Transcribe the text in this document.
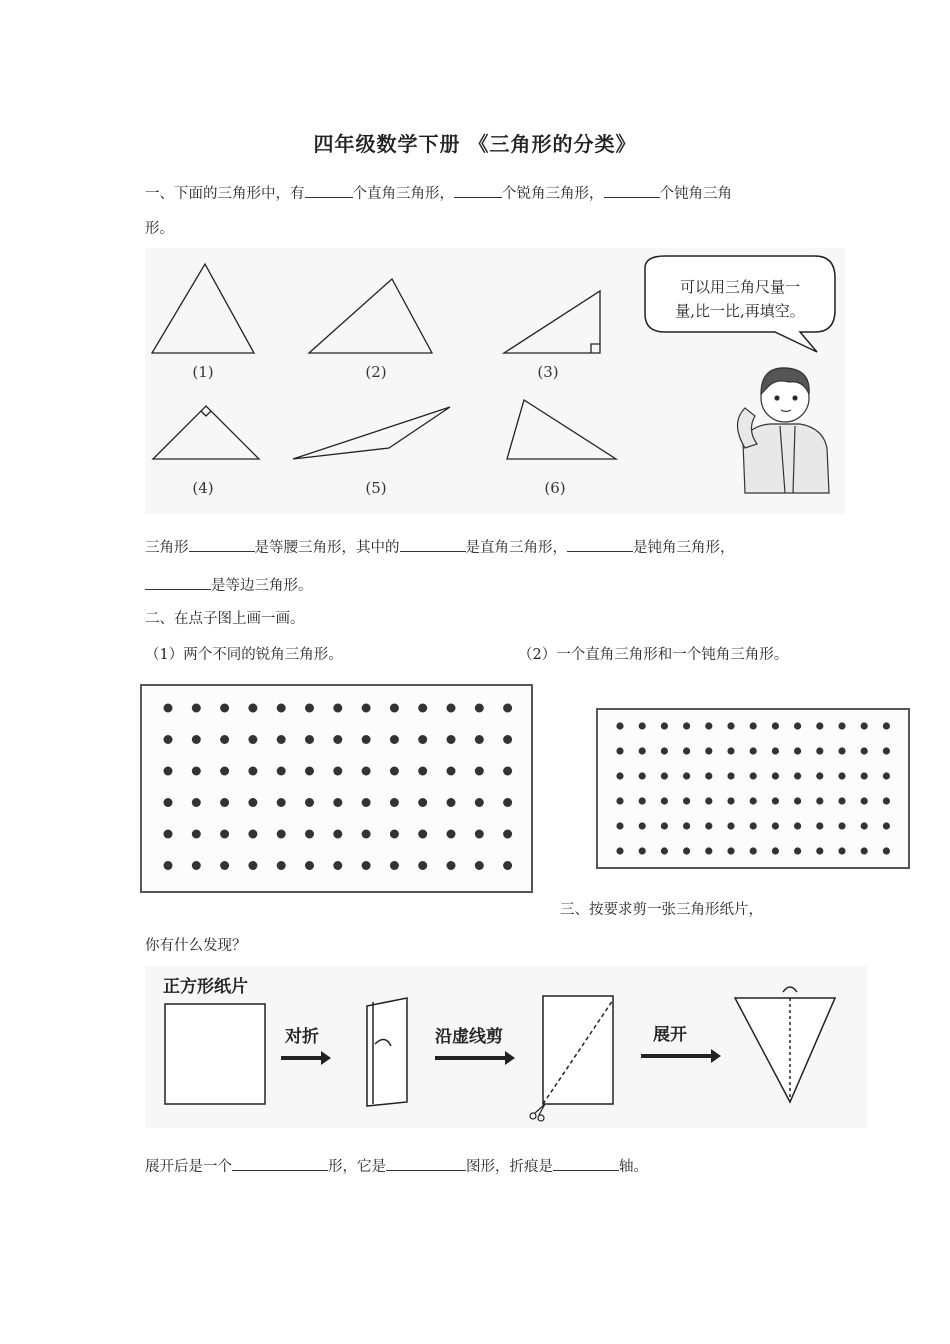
四年级数学下册 《三角形的分类》
一、下面的三角形中，有	个直角三角形，	个锐角三角形，	个钝角三角
形。
(1)	(2)	(3)
(4)	(5)	(6)
可以用三角尺量一
量,比一比,再填空。
三角形	是等腰三角形，其中的	是直角三角形，	是钝角三角形，
是等边三角形。
二、在点子图上画一画。
（1）两个不同的锐角三角形。	（2）一个直角三角形和一个钝角三角形。
三、按要求剪一张三角形纸片，
你有什么发现？
正方形纸片
对折	沿虚线剪	展开
展开后是一个	形，它是	图形，折痕是	轴。
